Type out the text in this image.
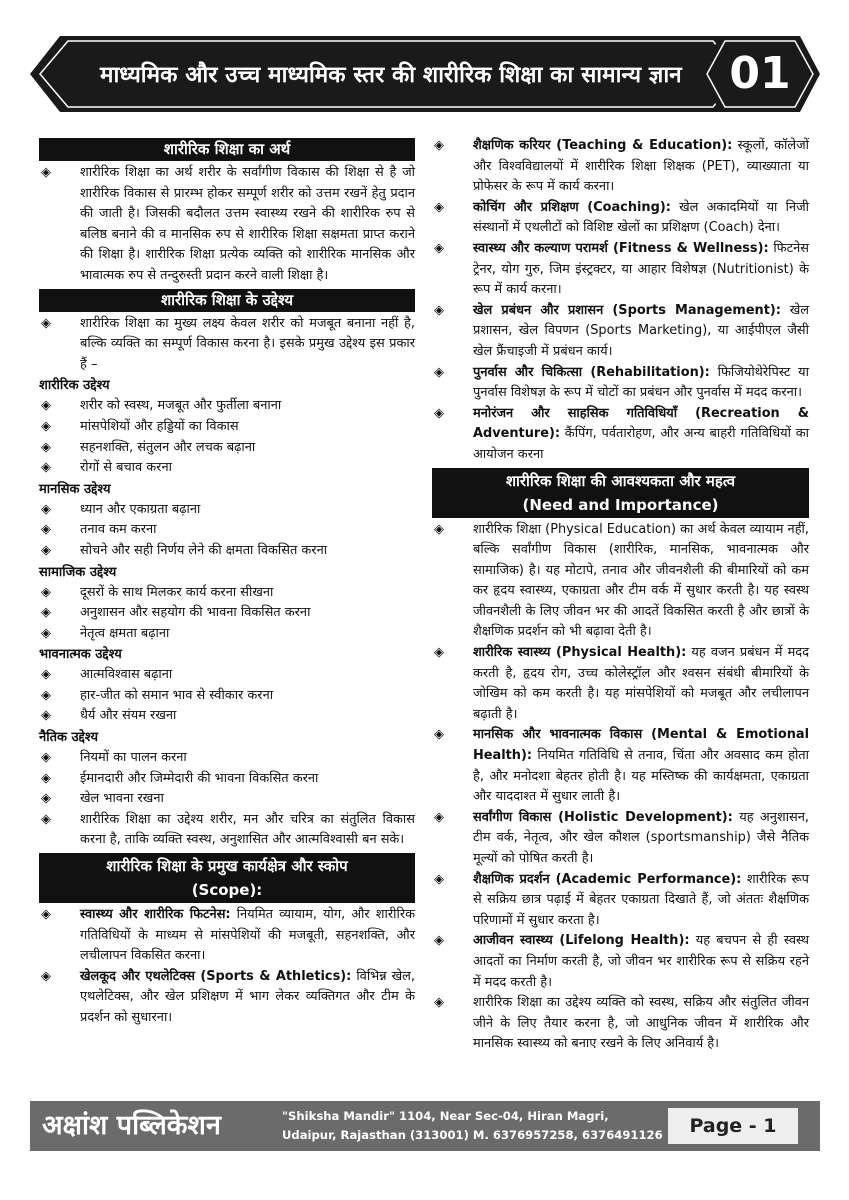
माध्यमिक और उच्च माध्यमिक स्तर की शारीरिक शिक्षा का सामान्य ज्ञान	01
शारीरिक शिक्षा का अर्थ
◈ शारीरिक शिक्षा का अर्थ शरीर के सर्वांगीण विकास की शिक्षा से है जो शारीरिक विकास से प्रारम्भ होकर सम्पूर्ण शरीर को उत्तम रखनें हेतु प्रदान की जाती है। जिसकी बदौलत उत्तम स्वास्थ्य रखने की शारीरिक रुप से बलिष्ठ बनाने की व मानसिक रुप से शारीरिक शिक्षा सक्षमता प्राप्त कराने की शिक्षा है। शारीरिक शिक्षा प्रत्येक व्यक्ति को शारीरिक मानसिक और भावात्मक रुप से तन्दुरुस्ती प्रदान करने वाली शिक्षा है।
शारीरिक शिक्षा के उद्देश्य
◈ शारीरिक शिक्षा का मुख्य लक्ष्य केवल शरीर को मजबूत बनाना नहीं है, बल्कि व्यक्ति का सम्पूर्ण विकास करना है। इसके प्रमुख उद्देश्य इस प्रकार हैं –
शारीरिक उद्देश्य
◈ शरीर को स्वस्थ, मजबूत और फुर्तीला बनाना
◈ मांसपेशियों और हड्डियों का विकास
◈ सहनशक्ति, संतुलन और लचक बढ़ाना
◈ रोगों से बचाव करना
मानसिक उद्देश्य
◈ ध्यान और एकाग्रता बढ़ाना
◈ तनाव कम करना
◈ सोचने और सही निर्णय लेने की क्षमता विकसित करना
सामाजिक उद्देश्य
◈ दूसरों के साथ मिलकर कार्य करना सीखना
◈ अनुशासन और सहयोग की भावना विकसित करना
◈ नेतृत्व क्षमता बढ़ाना
भावनात्मक उद्देश्य
◈ आत्मविश्वास बढ़ाना
◈ हार-जीत को समान भाव से स्वीकार करना
◈ धैर्य और संयम रखना
नैतिक उद्देश्य
◈ नियमों का पालन करना
◈ ईमानदारी और जिम्मेदारी की भावना विकसित करना
◈ खेल भावना रखना
◈ शारीरिक शिक्षा का उद्देश्य शरीर, मन और चरित्र का संतुलित विकास करना है, ताकि व्यक्ति स्वस्थ, अनुशासित और आत्मविश्वासी बन सके।
शारीरिक शिक्षा के प्रमुख कार्यक्षेत्र और स्कोप
(Scope):
◈ स्वास्थ्य और शारीरिक फिटनेस: नियमित व्यायाम, योग, और शारीरिक गतिविधियों के माध्यम से मांसपेशियों की मजबूती, सहनशक्ति, और लचीलापन विकसित करना।
◈ खेलकूद और एथलेटिक्स (Sports & Athletics): विभिन्न खेल, एथलेटिक्स, और खेल प्रशिक्षण में भाग लेकर व्यक्तिगत और टीम के प्रदर्शन को सुधारना।
◈ शैक्षणिक करियर (Teaching & Education): स्कूलों, कॉलेजों और विश्वविद्यालयों में शारीरिक शिक्षा शिक्षक (PET), व्याख्याता या प्रोफेसर के रूप में कार्य करना।
◈ कोचिंग और प्रशिक्षण (Coaching): खेल अकादमियों या निजी संस्थानों में एथलीटों को विशिष्ट खेलों का प्रशिक्षण (Coach) देना।
◈ स्वास्थ्य और कल्याण परामर्श (Fitness & Wellness): फिटनेस ट्रेनर, योग गुरु, जिम इंस्ट्रक्टर, या आहार विशेषज्ञ (Nutritionist) के रूप में कार्य करना।
◈ खेल प्रबंधन और प्रशासन (Sports Management): खेल प्रशासन, खेल विपणन (Sports Marketing), या आईपीएल जैसी खेल फ्रैंचाइजी में प्रबंधन कार्य।
◈ पुनर्वास और चिकित्सा (Rehabilitation): फिजियोथेरेपिस्ट या पुनर्वास विशेषज्ञ के रूप में चोटों का प्रबंधन और पुनर्वास में मदद करना।
◈ मनोरंजन और साहसिक गतिविधियाँ (Recreation & Adventure): कैंपिंग, पर्वतारोहण, और अन्य बाहरी गतिविधियों का आयोजन करना
शारीरिक शिक्षा की आवश्यकता और महत्व
(Need and Importance)
◈ शारीरिक शिक्षा (Physical Education) का अर्थ केवल व्यायाम नहीं, बल्कि सर्वांगीण विकास (शारीरिक, मानसिक, भावनात्मक और सामाजिक) है। यह मोटापे, तनाव और जीवनशैली की बीमारियों को कम कर हृदय स्वास्थ्य, एकाग्रता और टीम वर्क में सुधार करती है। यह स्वस्थ जीवनशैली के लिए जीवन भर की आदतें विकसित करती है और छात्रों के शैक्षणिक प्रदर्शन को भी बढ़ावा देती है।
◈ शारीरिक स्वास्थ्य (Physical Health): यह वजन प्रबंधन में मदद करती है, हृदय रोग, उच्च कोलेस्ट्रॉल और श्वसन संबंधी बीमारियों के जोखिम को कम करती है। यह मांसपेशियों को मजबूत और लचीलापन बढ़ाती है।
◈ मानसिक और भावनात्मक विकास (Mental & Emotional Health): नियमित गतिविधि से तनाव, चिंता और अवसाद कम होता है, और मनोदशा बेहतर होती है। यह मस्तिष्क की कार्यक्षमता, एकाग्रता और याददाश्त में सुधार लाती है।
◈ सर्वांगीण विकास (Holistic Development): यह अनुशासन, टीम वर्क, नेतृत्व, और खेल कौशल (sportsmanship) जैसे नैतिक मूल्यों को पोषित करती है।
◈ शैक्षणिक प्रदर्शन (Academic Performance): शारीरिक रूप से सक्रिय छात्र पढ़ाई में बेहतर एकाग्रता दिखाते हैं, जो अंततः शैक्षणिक परिणामों में सुधार करता है।
◈ आजीवन स्वास्थ्य (Lifelong Health): यह बचपन से ही स्वस्थ आदतों का निर्माण करती है, जो जीवन भर शारीरिक रूप से सक्रिय रहने में मदद करती है।
◈ शारीरिक शिक्षा का उद्देश्य व्यक्ति को स्वस्थ, सक्रिय और संतुलित जीवन जीने के लिए तैयार करना है, जो आधुनिक जीवन में शारीरिक और मानसिक स्वास्थ्य को बनाए रखने के लिए अनिवार्य है।
अक्षांश पब्लिकेशन	"Shiksha Mandir" 1104, Near Sec-04, Hiran Magri,
Udaipur, Rajasthan (313001) M. 6376957258, 6376491126	Page - 1
